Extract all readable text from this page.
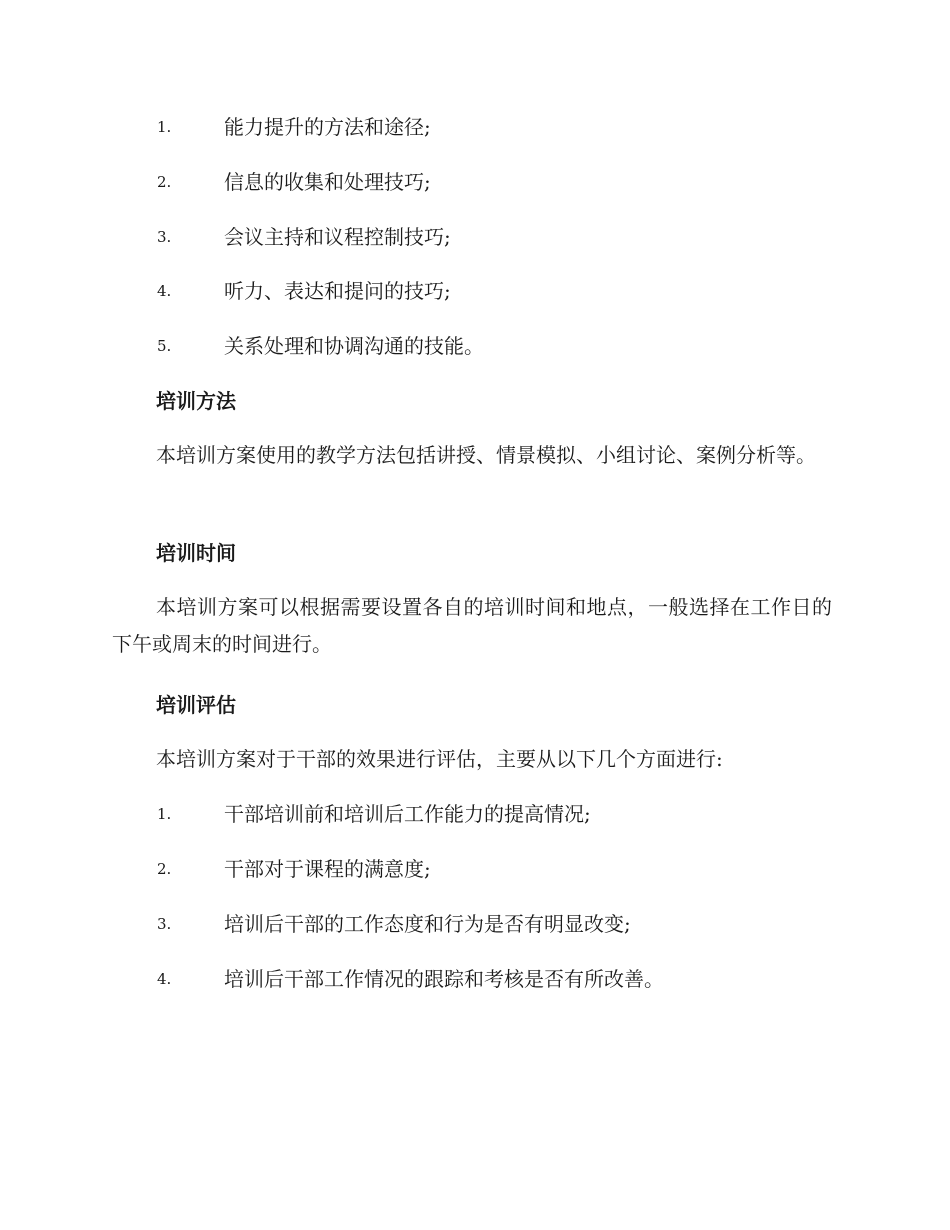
1.	能力提升的方法和途径;
2.	信息的收集和处理技巧;
3.	会议主持和议程控制技巧;
4.	听力、表达和提问的技巧;
5.	关系处理和协调沟通的技能。
培训方法

本培训方案使用的教学方法包括讲授、情景模拟、小组讨论、案例分析等。

培训时间

本培训方案可以根据需要设置各自的培训时间和地点，一般选择在工作日的下午或周末的时间进行。

培训评估

本培训方案对于干部的效果进行评估，主要从以下几个方面进行:

1.	干部培训前和培训后工作能力的提高情况;
2.	干部对于课程的满意度;
3.	培训后干部的工作态度和行为是否有明显改变;
4.	培训后干部工作情况的跟踪和考核是否有所改善。
